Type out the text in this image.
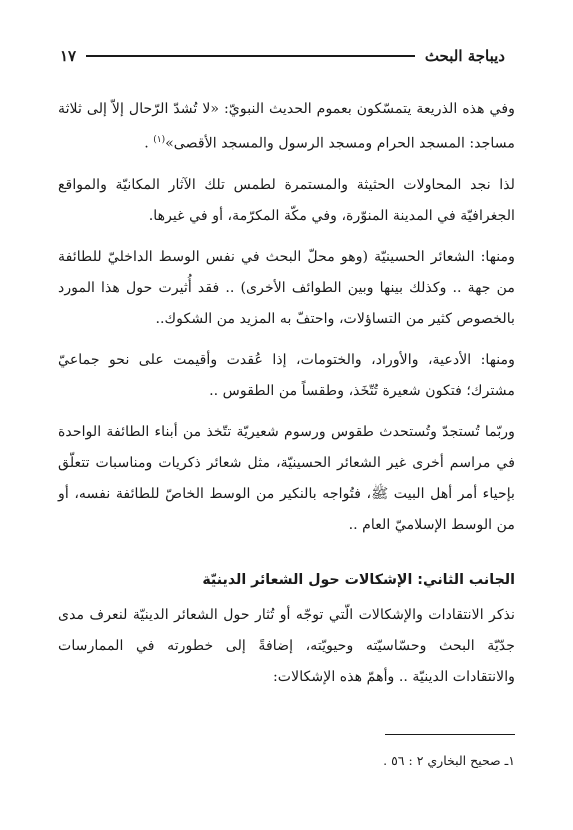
ديباجة البحث
١٧

وفي هذه الذريعة يتمسّكون بعموم الحديث النبويّ: «لا تُشدّ الرّحال إلاّ إلى ثلاثة مساجد: المسجد الحرام ومسجد الرسول والمسجد الأقصى»$^{(١)}$ .

لذا نجد المحاولات الحثيثة والمستمرة لطمس تلك الآثار المكانيّة والمواقع الجغرافيّة في المدينة المنوّرة، وفي مكّة المكرّمة، أو في غيرها.

ومنها: الشعائر الحسينيّة (وهو محلّ البحث في نفس الوسط الداخليّ للطائفة من جهة .. وكذلك بينها وبين الطوائف الأخرى) .. فقد أُثيرت حول هذا المورد بالخصوص كثير من التساؤلات، واحتفّ به المزيد من الشكوك..

ومنها: الأدعية، والأوراد، والختومات، إذا عُقدت وأقيمت على نحو جماعيّ مشترك؛ فتكون شعيرة تُتّخَذ، وطقساً من الطقوس ..

وربّما تُستجدّ وتُستحدث طقوس ورسوم شعيريّة تتّخذ من أبناء الطائفة الواحدة في مراسم أخرى غير الشعائر الحسينيّة، مثل شعائر ذكريات ومناسبات تتعلّق بإحياء أمر أهل البيت ﷺ، فتُواجه بالنكير من الوسط الخاصّ للطائفة نفسه، أو من الوسط الإسلاميّ العام ..

الجانب الثاني: الإشكالات حول الشعائر الدينيّة

نذكر الانتقادات والإشكالات الّتي توجّه أو تُثار حول الشعائر الدينيّة لنعرف مدى جدّيّة البحث وحسّاسيّته وحيويّته، إضافةً إلى خطورته في الممارسات والانتقادات الدينيّة .. وأهمّ هذه الإشكالات:

١ـ صحيح البخاري ٢ : ٥٦ .
